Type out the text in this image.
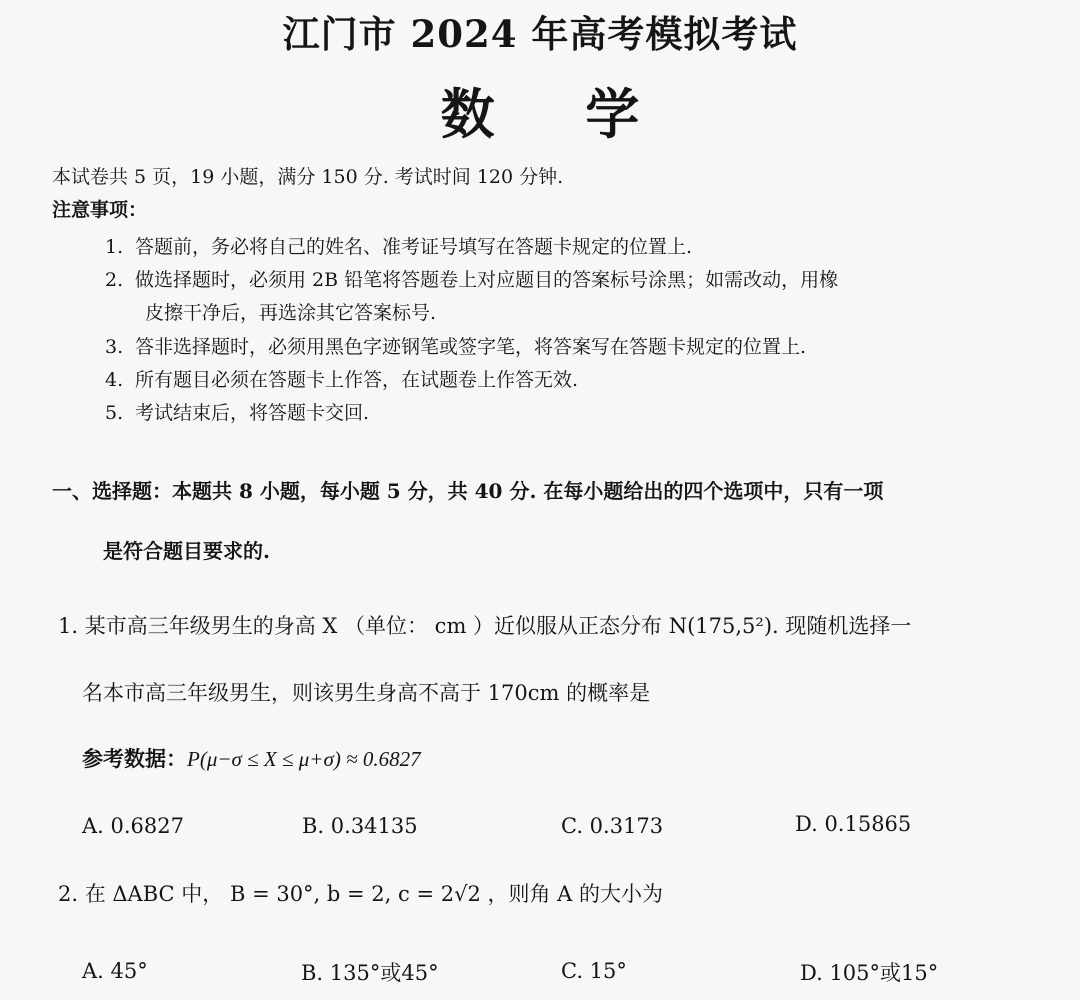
江门市 2024 年高考模拟考试
数 学
本试卷共 5 页，19 小题，满分 150 分. 考试时间 120 分钟.
注意事项：
1. 答题前，务必将自己的姓名、准考证号填写在答题卡规定的位置上.
2. 做选择题时，必须用 2B 铅笔将答题卷上对应题目的答案标号涂黑；如需改动，用橡
皮擦干净后，再选涂其它答案标号.
3. 答非选择题时，必须用黑色字迹钢笔或签字笔，将答案写在答题卡规定的位置上.
4. 所有题目必须在答题卡上作答，在试题卷上作答无效.
5. 考试结束后，将答题卡交回.
一、选择题：本题共 8 小题，每小题 5 分，共 40 分. 在每小题给出的四个选项中，只有一项
是符合题目要求的.
1. 某市高三年级男生的身高 X （单位： cm ）近似服从正态分布 N(175,5²). 现随机选择一
名本市高三年级男生，则该男生身高不高于 170cm 的概率是
参考数据：P(μ−σ ≤ X ≤ μ+σ) ≈ 0.6827
A. 0.6827	B. 0.34135	C. 0.3173	D. 0.15865
2. 在 ΔABC 中， B = 30°, b = 2, c = 2√2 ，则角 A 的大小为
A. 45°	B. 135°或45°	C. 15°	D. 105°或15°
